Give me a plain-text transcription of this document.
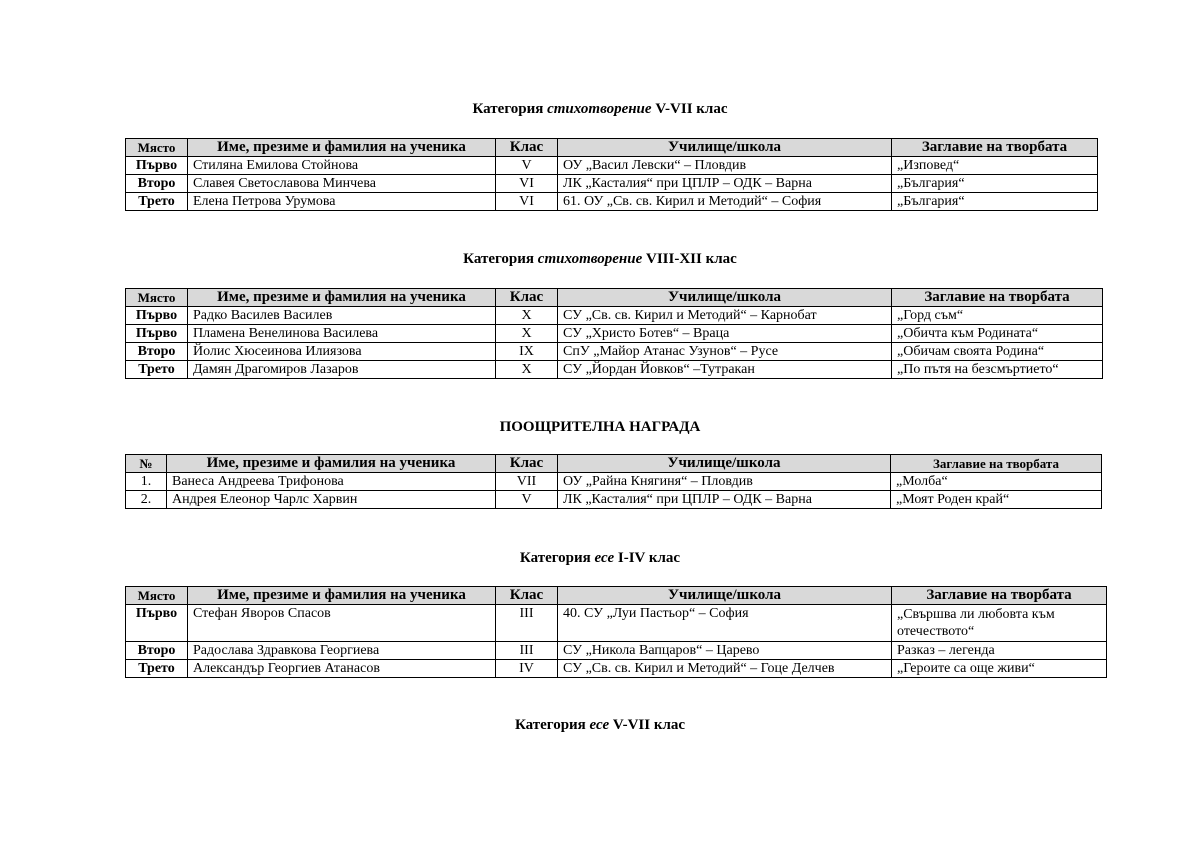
Категория стихотворение V-VII клас
Място	Име, презиме и фамилия на ученика	Клас	Училище/школа	Заглавие на творбата
Първо	Стиляна Емилова Стойнова	V	ОУ „Васил Левски“ – Пловдив	„Изповед“
Второ	Славея Светославова Минчева	VI	ЛК „Касталия“ при ЦПЛР – ОДК – Варна	„България“
Трето	Елена Петрова Урумова	VI	61. ОУ „Св. св. Кирил и Методий“ – София	„България“
Категория стихотворение VIII-XII клас
Място	Име, презиме и фамилия на ученика	Клас	Училище/школа	Заглавие на творбата
Първо	Радко Василев Василев	X	СУ „Св. св. Кирил и Методий“ – Карнобат	„Горд съм“
Първо	Пламена Венелинова Василева	X	СУ „Христо Ботев“ – Враца	„Обичта към Родината“
Второ	Йолис Хюсеинова Илиязова	IX	СпУ „Майор Атанас Узунов“ – Русе	„Обичам своята Родина“
Трето	Дамян Драгомиров Лазаров	X	СУ „Йордан Йовков“ –Тутракан	„По пътя на безсмъртието“
ПООЩРИТЕЛНА НАГРАДА
№	Име, презиме и фамилия на ученика	Клас	Училище/школа	Заглавие на творбата
1.	Ванеса Андреева Трифонова	VII	ОУ „Райна Княгиня“ – Пловдив	„Молба“
2.	Андрея Елеонор Чарлс Харвин	V	ЛК „Касталия“ при ЦПЛР – ОДК – Варна	„Моят Роден край“
Категория есе I-IV клас
Място	Име, презиме и фамилия на ученика	Клас	Училище/школа	Заглавие на творбата
Първо	Стефан Яворов Спасов	III	40. СУ „Луи Пастьор“ – София	„Свършва ли любовта към отечеството“
Второ	Радослава Здравкова Георгиева	III	СУ „Никола Вапцаров“ – Царево	Разказ – легенда
Трето	Александър Георгиев Атанасов	IV	СУ „Св. св. Кирил и Методий“ – Гоце Делчев	„Героите са още живи“
Категория есе V-VII клас
